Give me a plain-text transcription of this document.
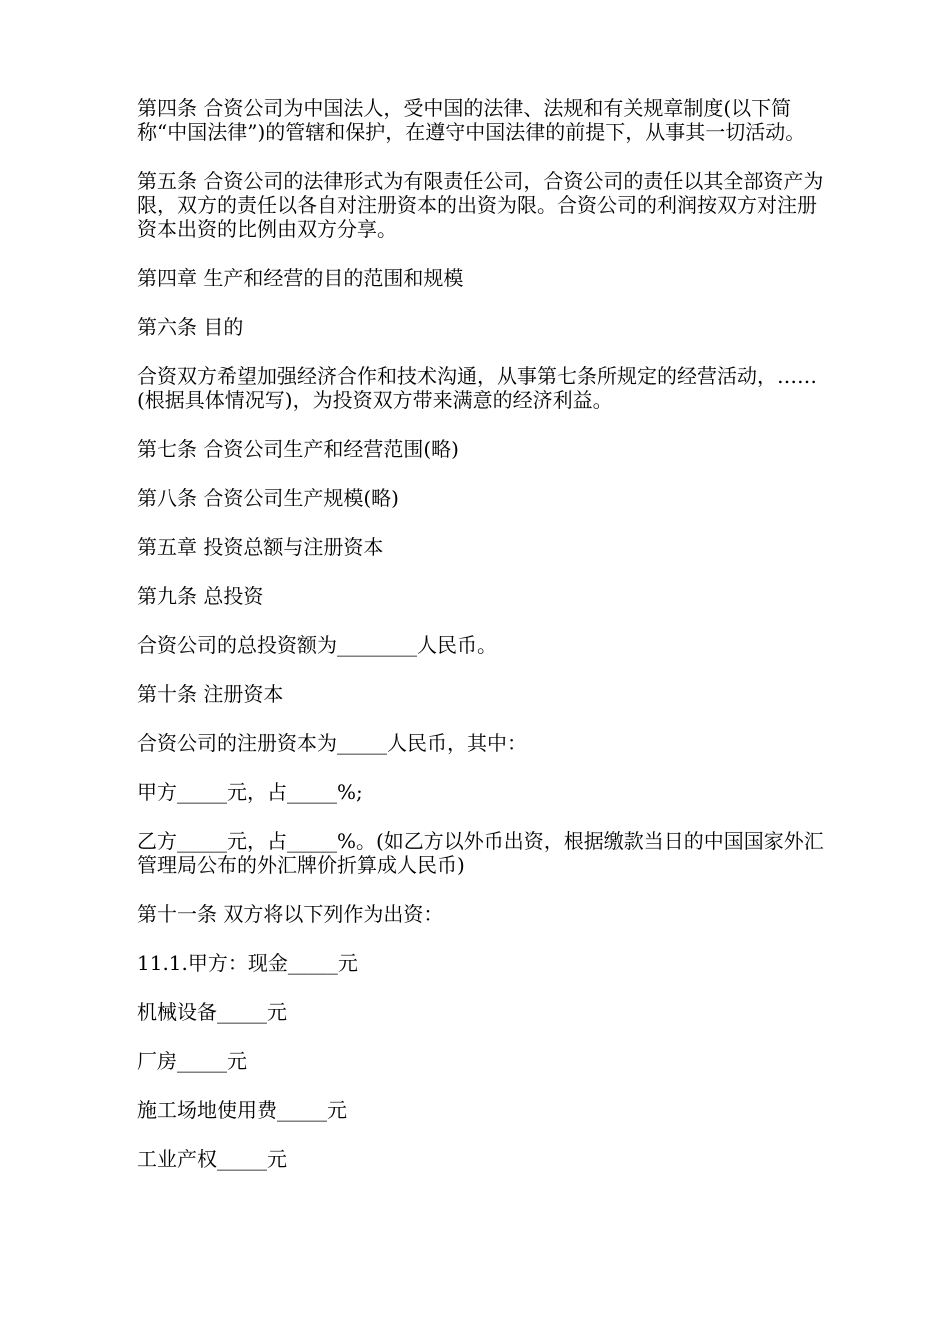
第四条 合资公司为中国法人，受中国的法律、法规和有关规章制度(以下简称“中国法律”)的管辖和保护，在遵守中国法律的前提下，从事其一切活动。

第五条 合资公司的法律形式为有限责任公司，合资公司的责任以其全部资产为限，双方的责任以各自对注册资本的出资为限。合资公司的利润按双方对注册资本出资的比例由双方分享。

第四章 生产和经营的目的范围和规模

第六条 目的

合资双方希望加强经济合作和技术沟通，从事第七条所规定的经营活动，……(根据具体情况写)，为投资双方带来满意的经济利益。

第七条 合资公司生产和经营范围(略)

第八条 合资公司生产规模(略)

第五章 投资总额与注册资本

第九条 总投资

合资公司的总投资额为________人民币。

第十条 注册资本

合资公司的注册资本为_____人民币，其中：

甲方_____元，占_____%;

乙方_____元，占_____%。(如乙方以外币出资，根据缴款当日的中国国家外汇管理局公布的外汇牌价折算成人民币)

第十一条 双方将以下列作为出资：

11.1.甲方：现金_____元

机械设备_____元

厂房_____元

施工场地使用费_____元

工业产权_____元
